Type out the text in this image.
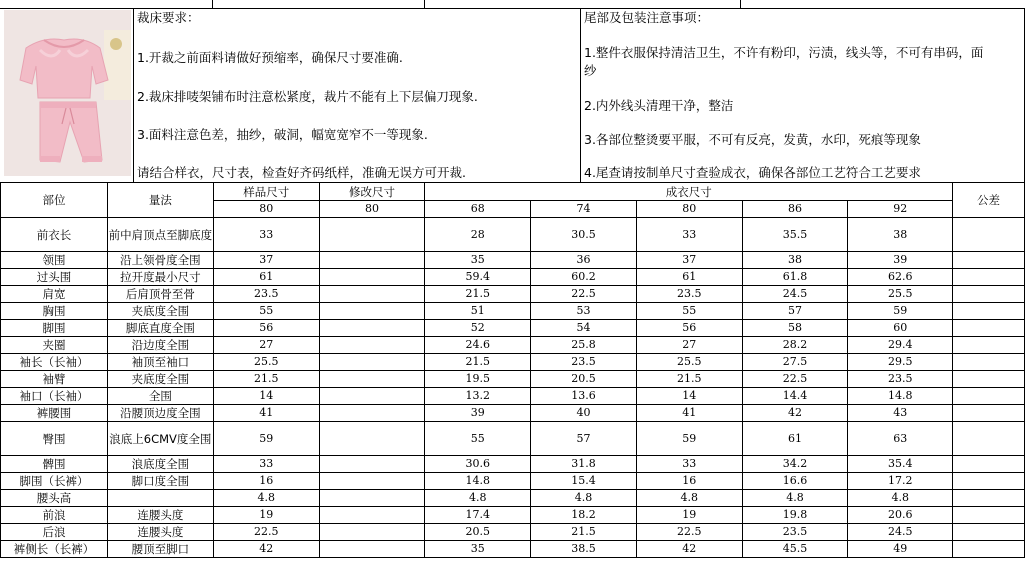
裁床要求：
1.开裁之前面料请做好预缩率，确保尺寸要准确.
2.裁床排唛架铺布时注意松紧度，裁片不能有上下层偏刀现象.
3.面料注意色差，抽纱，破洞，幅宽宽窄不一等现象.
请结合样衣，尺寸表，检查好齐码纸样，准确无误方可开裁.
尾部及包装注意事项：
1.整件衣服保持清洁卫生，不许有粉印，污渍，线头等，不可有串码，面
纱
2.内外线头清理干净，整洁
3.各部位整烫要平服，不可有反亮，发黄，水印，死痕等现象
4.尾查请按制单尺寸查验成衣，确保各部位工艺符合工艺要求
部位	量法	样品尺寸	修改尺寸	成衣尺寸					公差
		80	80	68	74	80	86	92	
前衣长	前中肩顶点至脚底度	33		28	30.5	33	35.5	38	
领围	沿上领骨度全围	37		35	36	37	38	39	
过头围	拉开度最小尺寸	61		59.4	60.2	61	61.8	62.6	
肩宽	后肩顶骨至骨	23.5		21.5	22.5	23.5	24.5	25.5	
胸围	夹底度全围	55		51	53	55	57	59	
脚围	脚底直度全围	56		52	54	56	58	60	
夹圈	沿边度全围	27		24.6	25.8	27	28.2	29.4	
袖长（长袖）	袖顶至袖口	25.5		21.5	23.5	25.5	27.5	29.5	
袖臂	夹底度全围	21.5		19.5	20.5	21.5	22.5	23.5	
袖口（长袖）	全围	14		13.2	13.6	14	14.4	14.8	
裤腰围	沿腰顶边度全围	41		39	40	41	42	43	
臀围	浪底上6CMV度全围	59		55	57	59	61	63	
髀围	浪底度全围	33		30.6	31.8	33	34.2	35.4	
脚围（长裤）	脚口度全围	16		14.8	15.4	16	16.6	17.2	
腰头高		4.8		4.8	4.8	4.8	4.8	4.8	
前浪	连腰头度	19		17.4	18.2	19	19.8	20.6	
后浪	连腰头度	22.5		20.5	21.5	22.5	23.5	24.5	
裤侧长（长裤）	腰顶至脚口	42		35	38.5	42	45.5	49	
